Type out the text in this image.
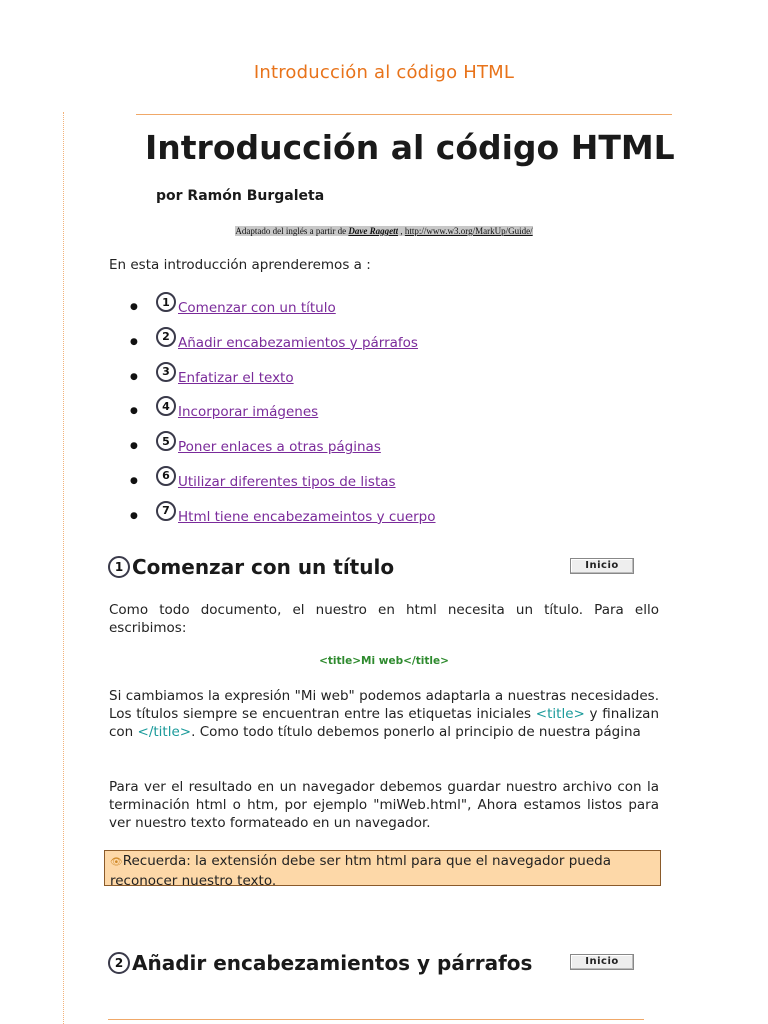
Introducción al código HTML
Introducción al código HTML
por Ramón Burgaleta
Adaptado del inglés a partir de Dave Raggett , http://www.w3.org/MarkUp/Guide/
En esta introducción aprenderemos a :
●	1 Comenzar con un título
●	2 Añadir encabezamientos y párrafos
●	3 Enfatizar el texto
●	4 Incorporar imágenes
●	5 Poner enlaces a otras páginas
●	6 Utilizar diferentes tipos de listas
●	7 Html tiene encabezameintos y cuerpo
1 Comenzar con un título	Inicio

Como todo documento, el nuestro en html necesita un título. Para ello escribimos:

<title>Mi web</title>

Si cambiamos la expresión "Mi web" podemos adaptarla a nuestras necesidades. Los títulos siempre se encuentran entre las etiquetas iniciales <title> y finalizan con </title>. Como todo título debemos ponerlo al principio de nuestra página

Para ver el resultado en un navegador debemos guardar nuestro archivo con la terminación html o htm, por ejemplo "miWeb.html", Ahora estamos listos para ver nuestro texto formateado en un navegador.

👁Recuerda: la extensión debe ser htm html para que el navegador pueda reconocer nuestro texto.
2 Añadir encabezamientos y párrafos	Inicio
